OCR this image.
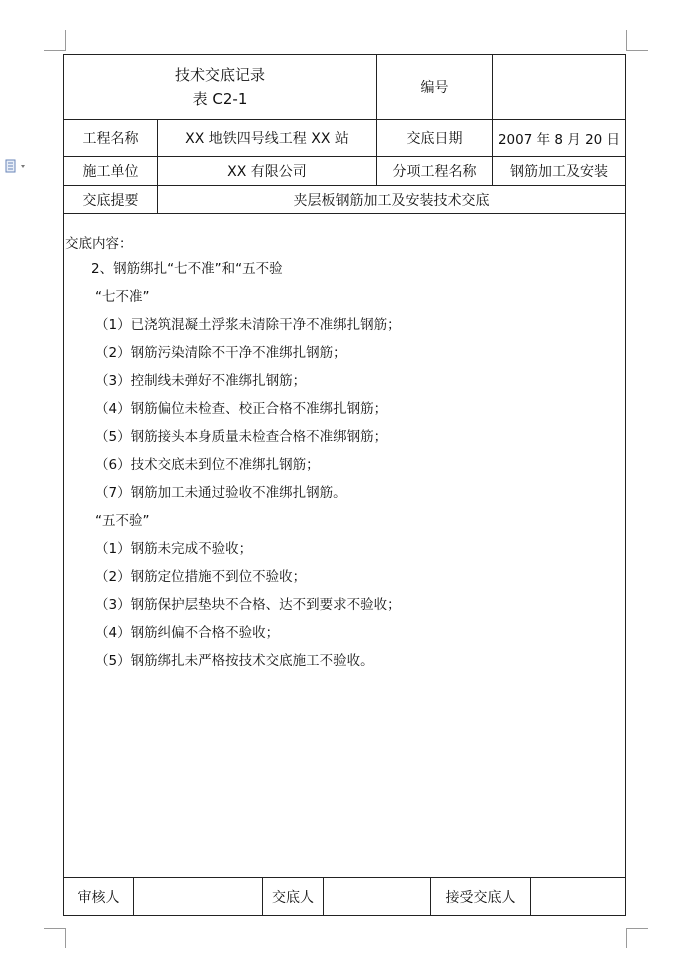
技术交底记录
表 C2-1
编号
工程名称	XX 地铁四号线工程 XX 站	交底日期	2007 年 8 月 20 日
施工单位	XX 有限公司	分项工程名称	钢筋加工及安装
交底提要	夹层板钢筋加工及安装技术交底
交底内容：
2、钢筋绑扎“七不准”和“五不验
“七不准”
（1）已浇筑混凝土浮浆未清除干净不准绑扎钢筋；
（2）钢筋污染清除不干净不准绑扎钢筋；
（3）控制线未弹好不准绑扎钢筋；
（4）钢筋偏位未检查、校正合格不准绑扎钢筋；
（5）钢筋接头本身质量未检查合格不准绑钢筋；
（6）技术交底未到位不准绑扎钢筋；
（7）钢筋加工未通过验收不准绑扎钢筋。
“五不验”
（1）钢筋未完成不验收；
（2）钢筋定位措施不到位不验收；
（3）钢筋保护层垫块不合格、达不到要求不验收；
（4）钢筋纠偏不合格不验收；
（5）钢筋绑扎未严格按技术交底施工不验收。
审核人	交底人	接受交底人
